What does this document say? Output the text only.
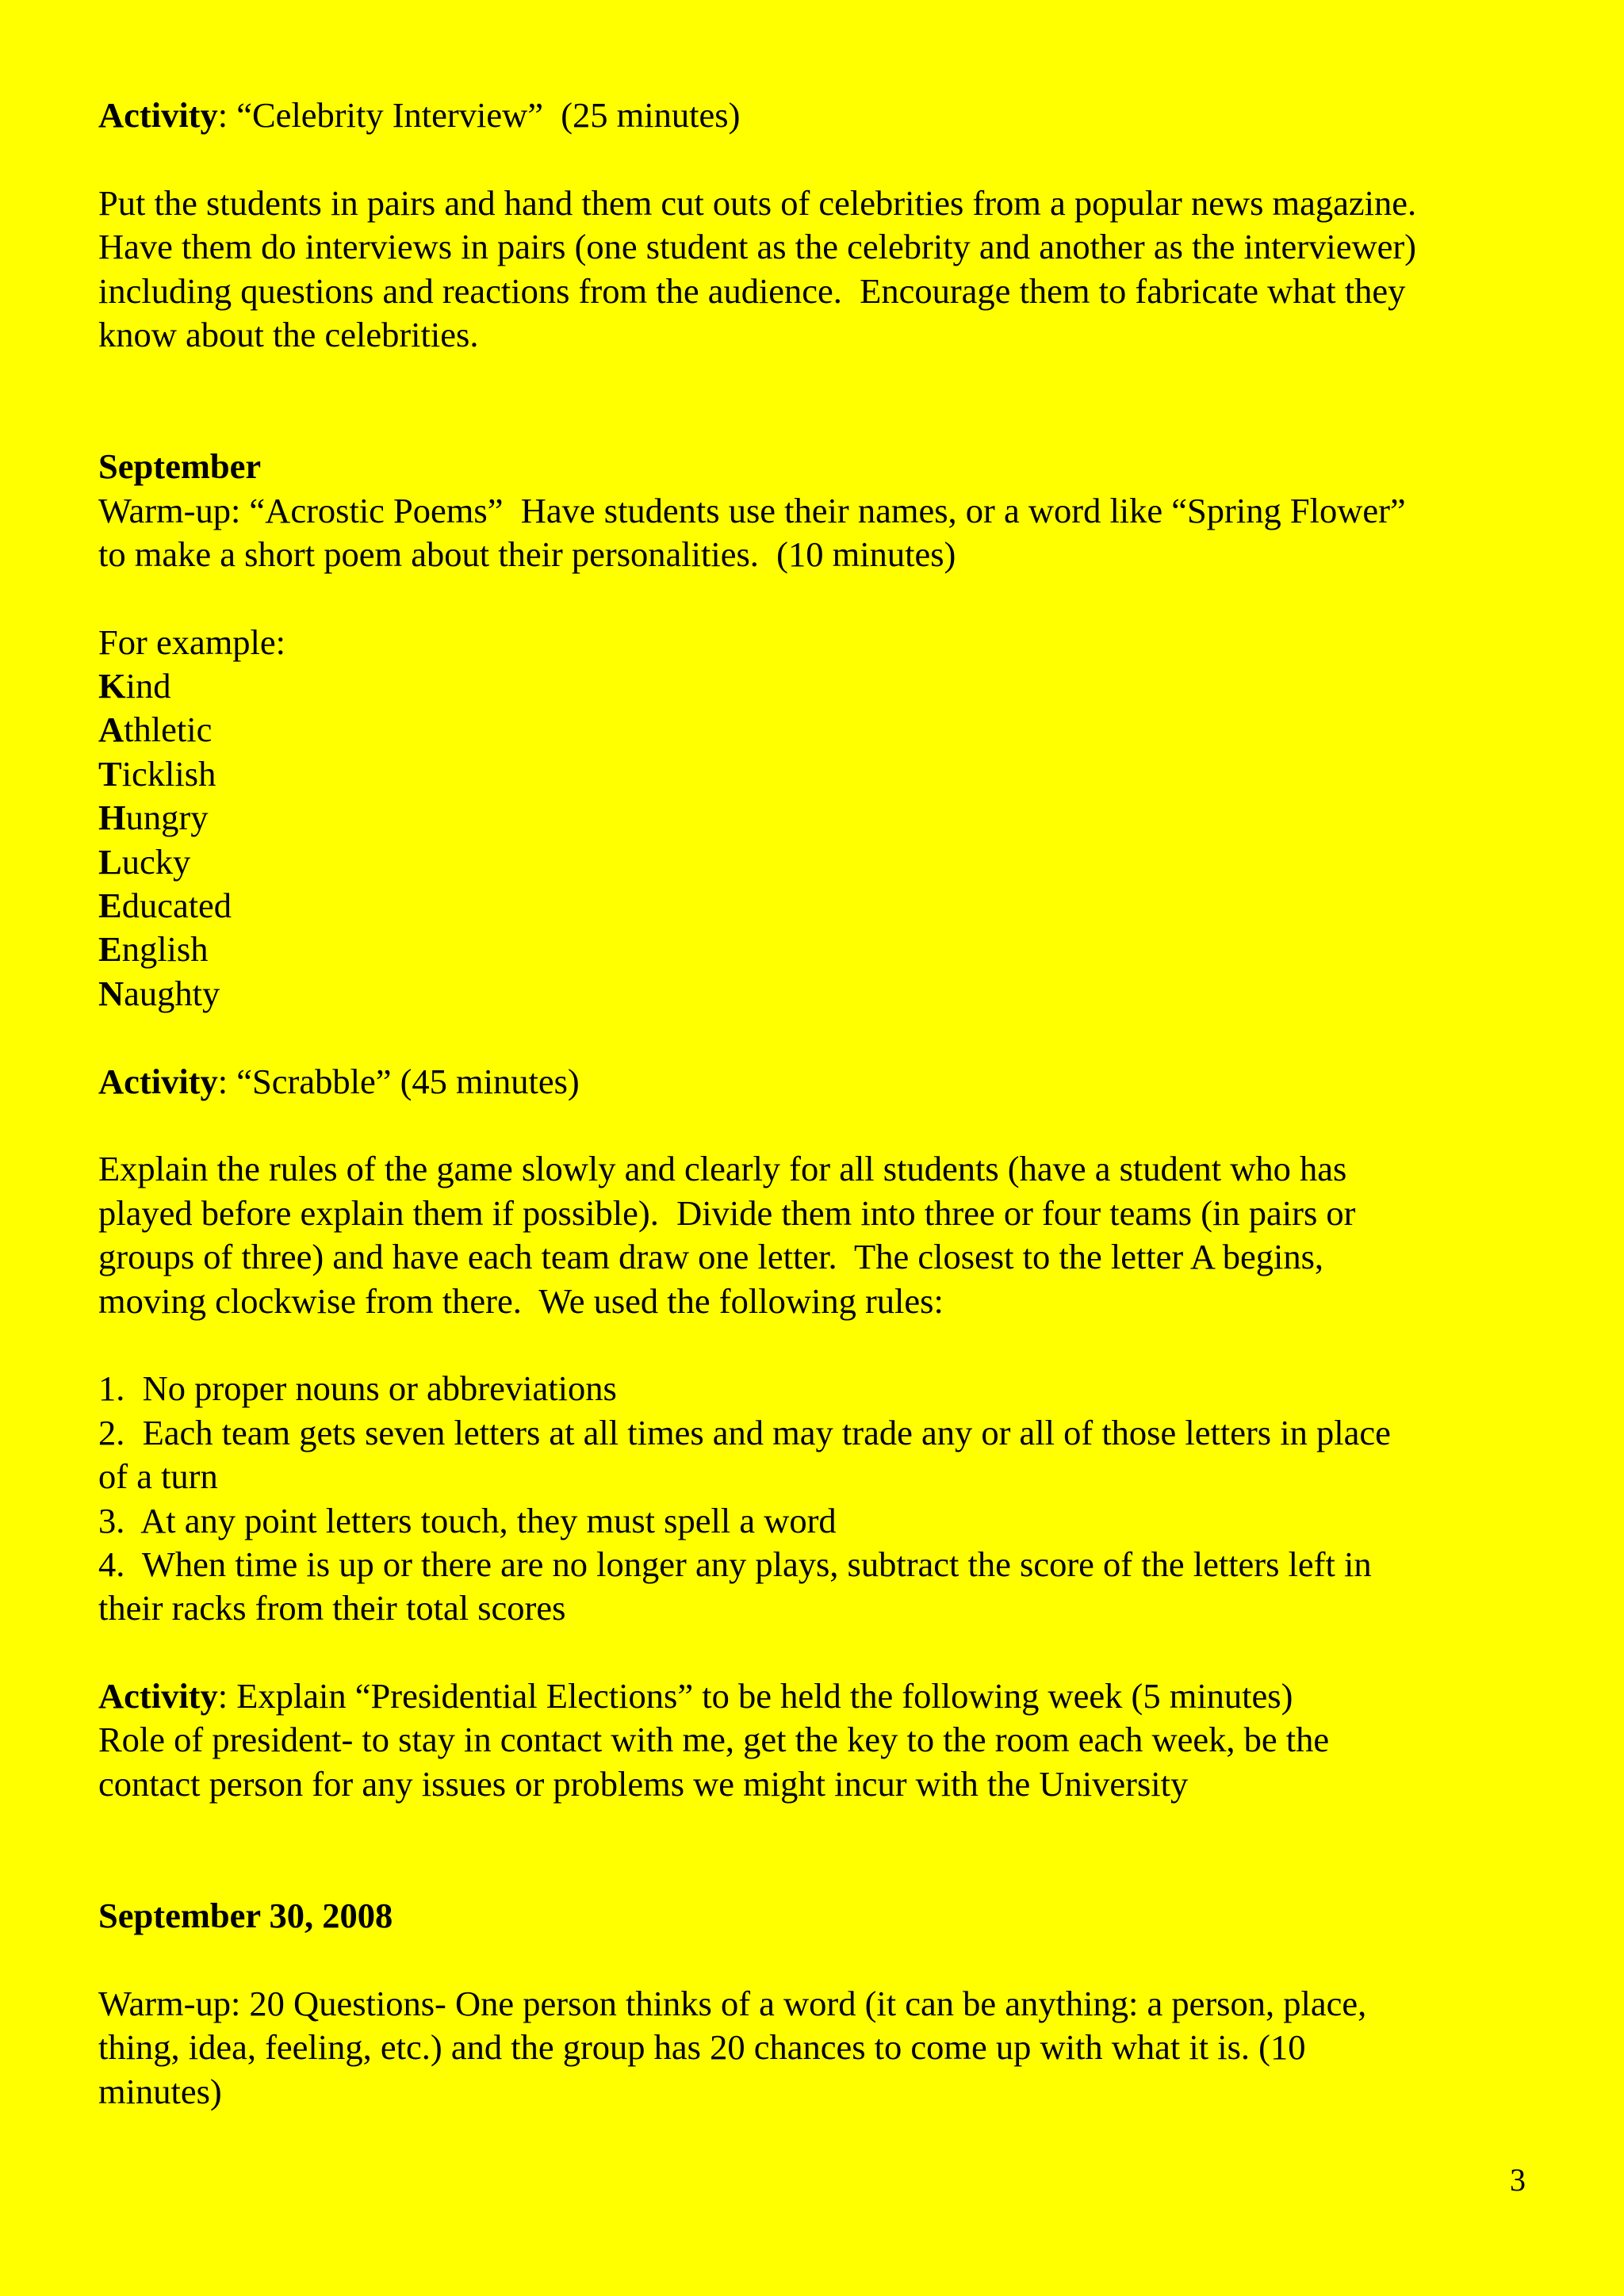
Activity: “Celebrity Interview”  (25 minutes)
Put the students in pairs and hand them cut outs of celebrities from a popular news magazine.
Have them do interviews in pairs (one student as the celebrity and another as the interviewer)
including questions and reactions from the audience.  Encourage them to fabricate what they
know about the celebrities.
September
Warm-up: “Acrostic Poems”  Have students use their names, or a word like “Spring Flower”
to make a short poem about their personalities.  (10 minutes)
For example:
Kind
Athletic
Ticklish
Hungry
Lucky
Educated
English
Naughty
Activity: “Scrabble” (45 minutes)
Explain the rules of the game slowly and clearly for all students (have a student who has
played before explain them if possible).  Divide them into three or four teams (in pairs or
groups of three) and have each team draw one letter.  The closest to the letter A begins,
moving clockwise from there.  We used the following rules:
1.  No proper nouns or abbreviations
2.  Each team gets seven letters at all times and may trade any or all of those letters in place
of a turn
3.  At any point letters touch, they must spell a word
4.  When time is up or there are no longer any plays, subtract the score of the letters left in
their racks from their total scores
Activity: Explain “Presidential Elections” to be held the following week (5 minutes)
Role of president- to stay in contact with me, get the key to the room each week, be the
contact person for any issues or problems we might incur with the University
September 30, 2008
Warm-up: 20 Questions- One person thinks of a word (it can be anything: a person, place,
thing, idea, feeling, etc.) and the group has 20 chances to come up with what it is. (10
minutes)
3
